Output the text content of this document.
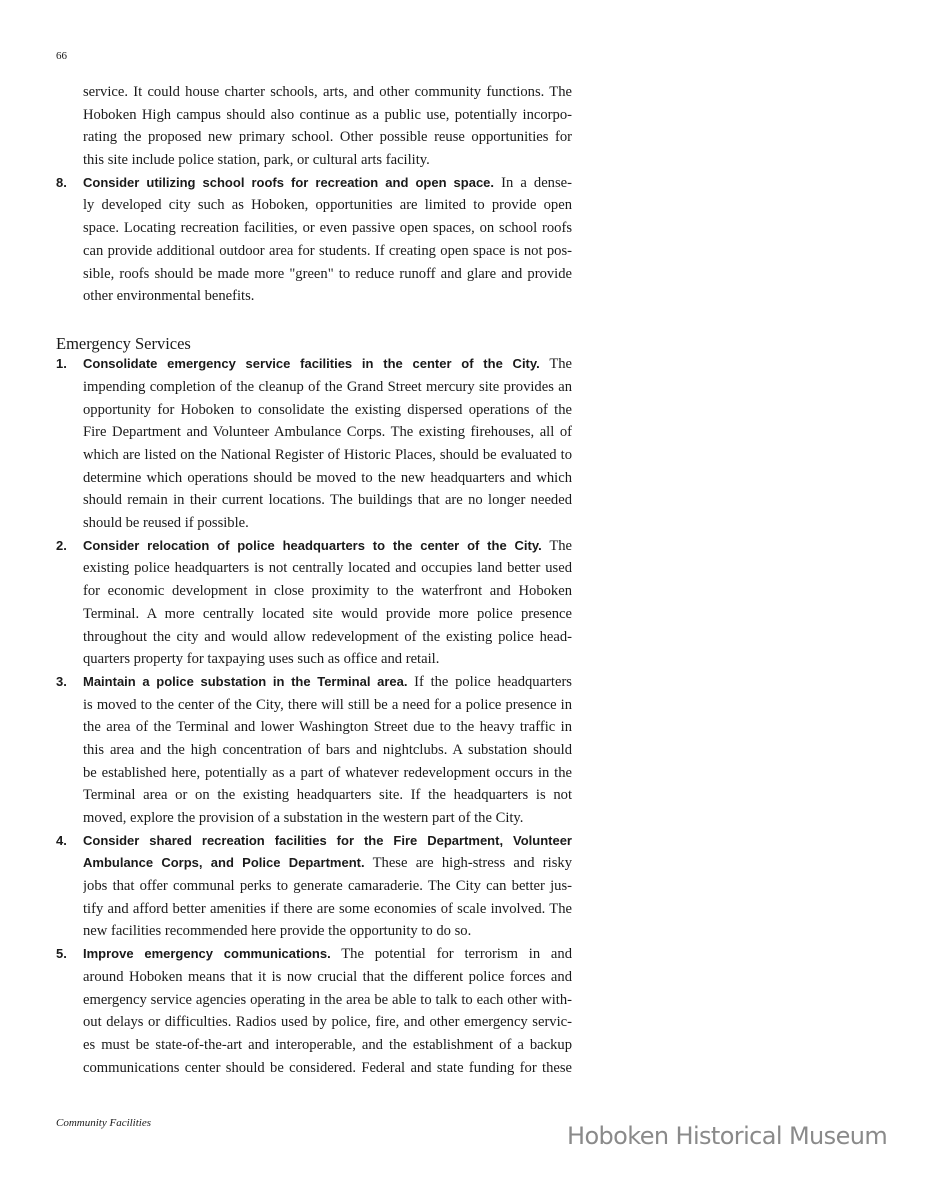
66
service. It could house charter schools, arts, and other community functions. The
Hoboken High campus should also continue as a public use, potentially incorpo-
rating the proposed new primary school. Other possible reuse opportunities for
this site include police station, park, or cultural arts facility.
8. Consider utilizing school roofs for recreation and open space. In a dense-
ly developed city such as Hoboken, opportunities are limited to provide open
space. Locating recreation facilities, or even passive open spaces, on school roofs
can provide additional outdoor area for students. If creating open space is not pos-
sible, roofs should be made more "green" to reduce runoff and glare and provide
other environmental benefits.
Emergency Services
1. Consolidate emergency service facilities in the center of the City. The
impending completion of the cleanup of the Grand Street mercury site provides an
opportunity for Hoboken to consolidate the existing dispersed operations of the
Fire Department and Volunteer Ambulance Corps. The existing firehouses, all of
which are listed on the National Register of Historic Places, should be evaluated to
determine which operations should be moved to the new headquarters and which
should remain in their current locations. The buildings that are no longer needed
should be reused if possible.
2. Consider relocation of police headquarters to the center of the City. The
existing police headquarters is not centrally located and occupies land better used
for economic development in close proximity to the waterfront and Hoboken
Terminal. A more centrally located site would provide more police presence
throughout the city and would allow redevelopment of the existing police head-
quarters property for taxpaying uses such as office and retail.
3. Maintain a police substation in the Terminal area. If the police headquarters
is moved to the center of the City, there will still be a need for a police presence in
the area of the Terminal and lower Washington Street due to the heavy traffic in
this area and the high concentration of bars and nightclubs. A substation should
be established here, potentially as a part of whatever redevelopment occurs in the
Terminal area or on the existing headquarters site. If the headquarters is not
moved, explore the provision of a substation in the western part of the City.
4. Consider shared recreation facilities for the Fire Department, Volunteer
Ambulance Corps, and Police Department. These are high-stress and risky
jobs that offer communal perks to generate camaraderie. The City can better jus-
tify and afford better amenities if there are some economies of scale involved. The
new facilities recommended here provide the opportunity to do so.
5. Improve emergency communications. The potential for terrorism in and
around Hoboken means that it is now crucial that the different police forces and
emergency service agencies operating in the area be able to talk to each other with-
out delays or difficulties. Radios used by police, fire, and other emergency servic-
es must be state-of-the-art and interoperable, and the establishment of a backup
communications center should be considered. Federal and state funding for these
Community Facilities	Hoboken Historical Museum
